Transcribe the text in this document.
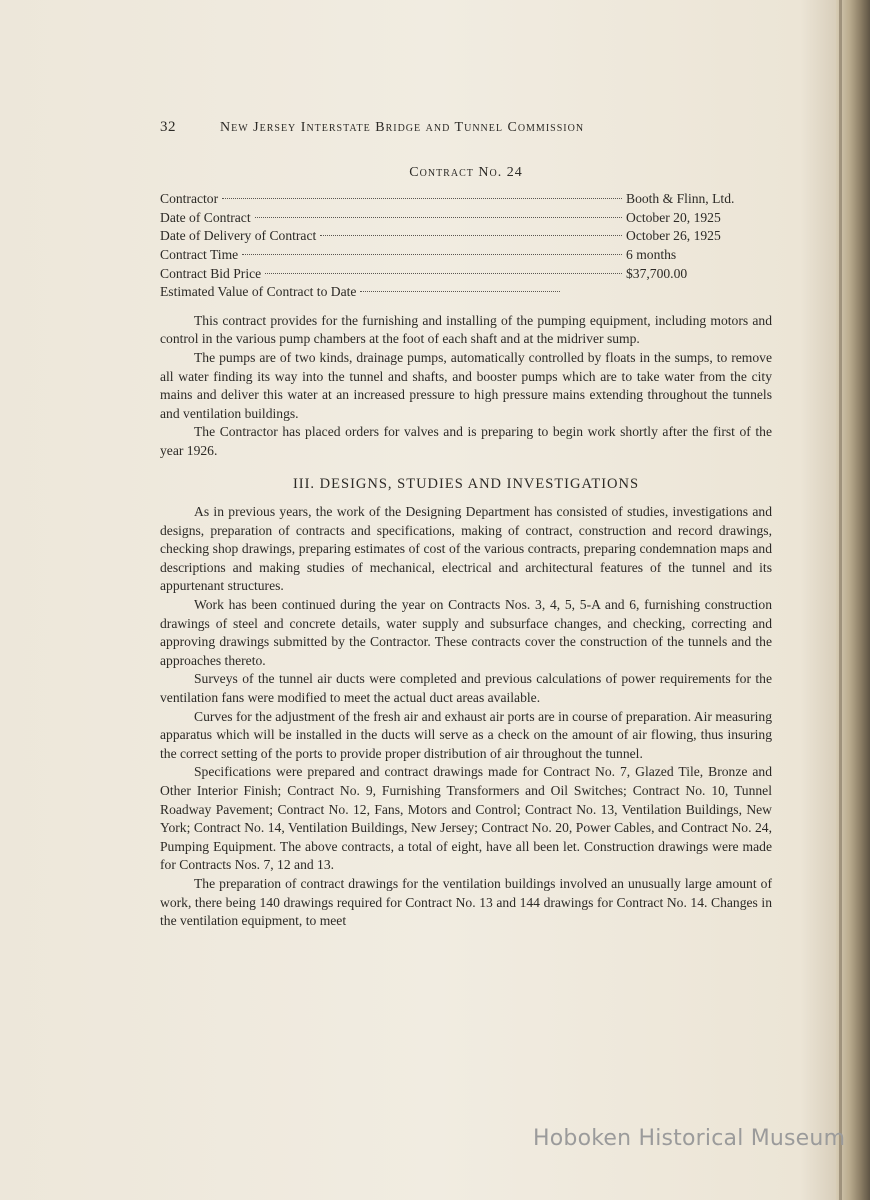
32	New Jersey Interstate Bridge and Tunnel Commission
Contract No. 24
Contractor	Booth & Flinn, Ltd.
Date of Contract	October 20, 1925
Date of Delivery of Contract	October 26, 1925
Contract Time	6 months
Contract Bid Price	$37,700.00
Estimated Value of Contract to Date

This contract provides for the furnishing and installing of the pumping equipment, including motors and control in the various pump chambers at the foot of each shaft and at the midriver sump.

The pumps are of two kinds, drainage pumps, automatically controlled by floats in the sumps, to remove all water finding its way into the tunnel and shafts, and booster pumps which are to take water from the city mains and deliver this water at an increased pressure to high pressure mains extending throughout the tunnels and ventilation buildings.

The Contractor has placed orders for valves and is preparing to begin work shortly after the first of the year 1926.

III. DESIGNS, STUDIES AND INVESTIGATIONS

As in previous years, the work of the Designing Department has consisted of studies, investigations and designs, preparation of contracts and specifications, making of contract, construction and record drawings, checking shop drawings, preparing estimates of cost of the various contracts, preparing condemnation maps and descriptions and making studies of mechanical, electrical and architectural features of the tunnel and its appurtenant structures.

Work has been continued during the year on Contracts Nos. 3, 4, 5, 5-A and 6, furnishing construction drawings of steel and concrete details, water supply and subsurface changes, and checking, correcting and approving drawings submitted by the Contractor. These contracts cover the construction of the tunnels and the approaches thereto.

Surveys of the tunnel air ducts were completed and previous calculations of power requirements for the ventilation fans were modified to meet the actual duct areas available.

Curves for the adjustment of the fresh air and exhaust air ports are in course of preparation. Air measuring apparatus which will be installed in the ducts will serve as a check on the amount of air flowing, thus insuring the correct setting of the ports to provide proper distribution of air throughout the tunnel.

Specifications were prepared and contract drawings made for Contract No. 7, Glazed Tile, Bronze and Other Interior Finish; Contract No. 9, Furnishing Transformers and Oil Switches; Contract No. 10, Tunnel Roadway Pavement; Contract No. 12, Fans, Motors and Control; Contract No. 13, Ventilation Buildings, New York; Contract No. 14, Ventilation Buildings, New Jersey; Contract No. 20, Power Cables, and Contract No. 24, Pumping Equipment. The above contracts, a total of eight, have all been let. Construction drawings were made for Contracts Nos. 7, 12 and 13.

The preparation of contract drawings for the ventilation buildings involved an unusually large amount of work, there being 140 drawings required for Contract No. 13 and 144 drawings for Contract No. 14. Changes in the ventilation equipment, to meet

Hoboken Historical Museum
